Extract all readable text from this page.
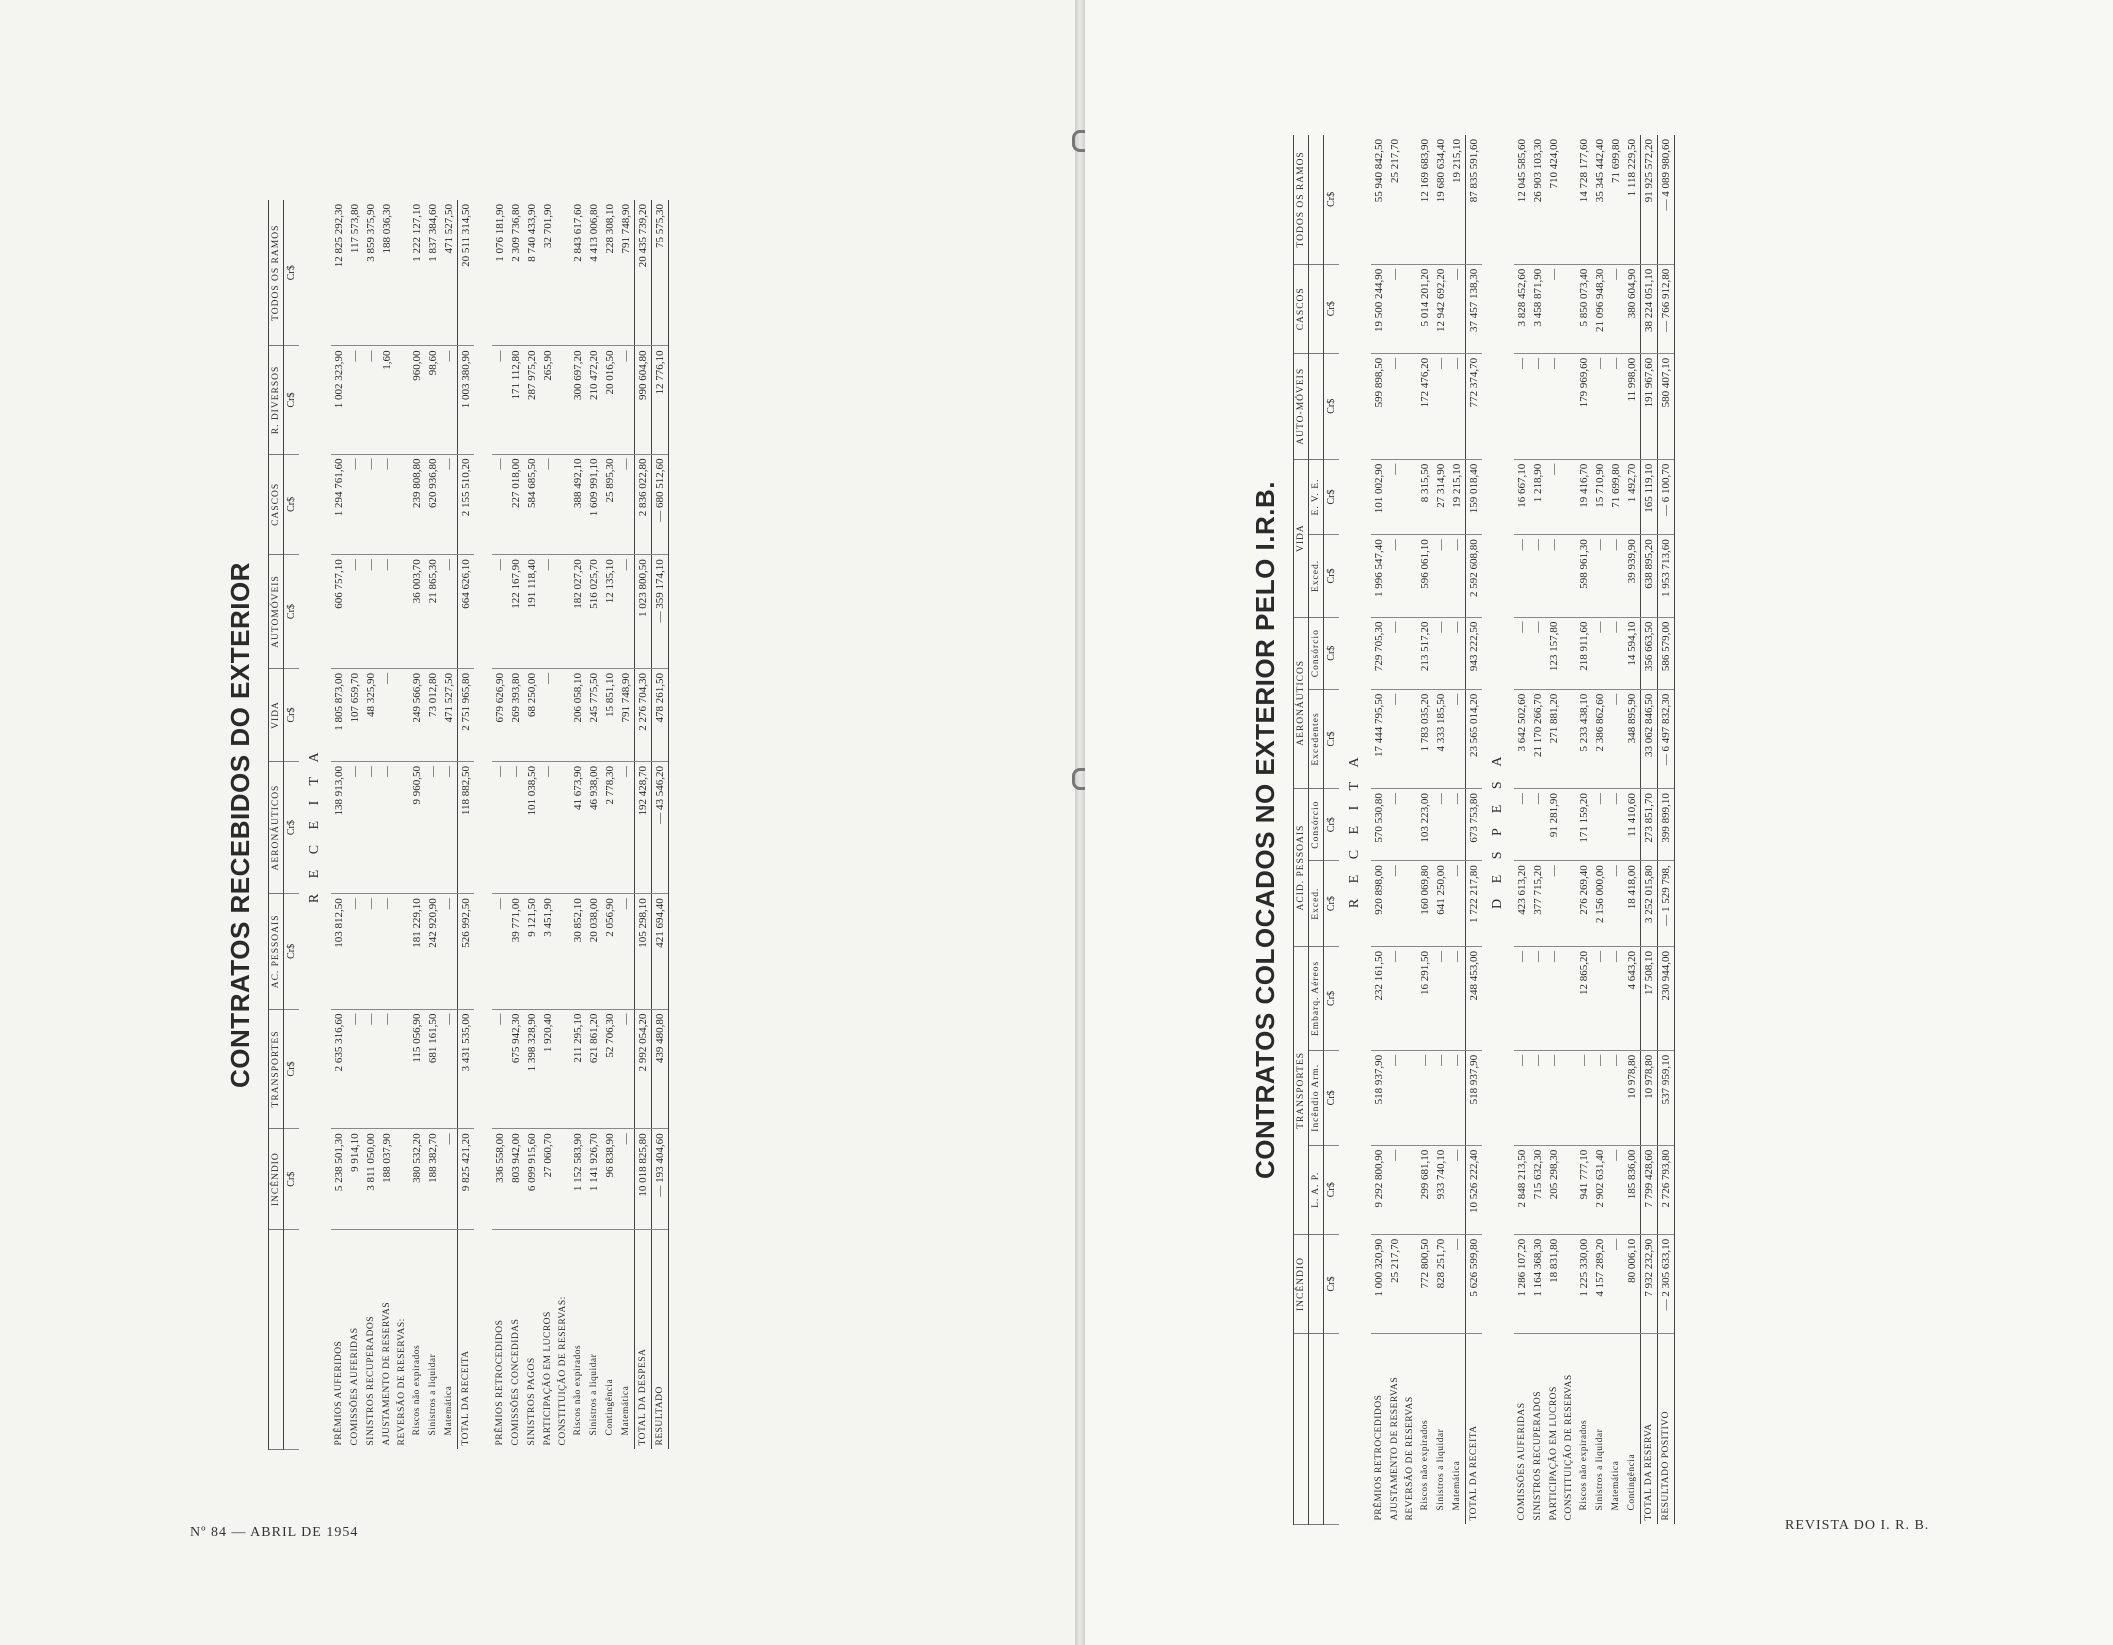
CONTRATOS RECEBIDOS DO EXTERIOR
	INCÊNDIO	TRANSPORTES	AC. PESSOAIS	AERONÁUTICOS	VIDA	AUTOMÓVEIS	CASCOS	R. DIVERSOS	TODOS OS RAMOS
	Cr$	Cr$	Cr$	Cr$	Cr$	Cr$	Cr$	Cr$	Cr$
R E C E I T A									
PRÊMIOS AUFERIDOS	5 238 501,30	2 635 316,60	103 812,50	138 913,00	1 805 873,00	606 757,10	1 294 761,60	1 002 323,90	12 825 292,30
COMISSÕES AUFERIDAS	9 914,10	—	—	—	107 659,70	—	—	—	117 573,80
SINISTROS RECUPERADOS	3 811 050,00	—	—	—	48 325,90	—	—	—	3 859 375,90
AJUSTAMENTO DE RESERVAS	188 037,90	—	—	—	—	—	—	1,60	188 036,30
REVERSÃO DE RESERVAS:									
Riscos não expirados	380 532,20	115 056,90	181 229,10	9 960,50	249 566,90	36 003,70	239 808,80	960,00	1 222 127,10
Sinistros a liquidar	188 382,70	681 161,50	242 920,90	—	73 012,80	21 865,30	620 936,80	98,60	1 837 384,60
Matemática	—	—	—	—	471 527,50	—	—	—	471 527,50
TOTAL DA RECEITA	9 825 421,20	3 431 535,00	526 992,50	118 882,50	2 751 965,80	664 626,10	2 155 510,20	1 003 380,90	20 511 314,50

PRÊMIOS RETROCEDIDOS	336 558,00	—	—	—	679 626,90	—	—	—	1 076 181,90
COMISSÕES CONCEDIDAS	803 942,00	675 942,30	39 771,00	—	269 393,80	122 167,90	227 018,00	171 112,80	2 309 736,80
SINISTROS PAGOS	6 099 915,60	1 398 328,90	9 121,50	101 038,50	68 250,00	191 118,40	584 685,50	287 975,20	8 740 433,90
PARTICIPAÇÃO EM LUCROS	27 060,70	1 920,40	3 451,90	—	—	—	—	265,90	32 701,90
CONSTITUIÇÃO DE RESERVAS:									
Riscos não expirados	1 152 583,90	211 295,10	30 852,10	41 673,90	206 058,10	182 027,20	388 492,10	300 697,20	2 843 617,60
Sinistros a liquidar	1 141 926,70	621 861,20	20 038,00	46 938,00	245 775,50	516 025,70	1 609 991,10	210 472,20	4 413 006,80
Contingência	96 838,90	52 706,30	2 056,90	2 778,30	15 851,10	12 135,10	25 895,30	20 016,50	228 308,10
Matemática	—	—	—	—	791 748,90	—	—	—	791 748,90
TOTAL DA DESPESA	10 018 825,80	2 992 054,20	105 298,10	192 428,70	2 276 704,30	1 023 800,50	2 836 022,80	990 604,80	20 435 739,20
RESULTADO	— 193 404,60	439 480,80	421 694,40	— 43 546,20	478 261,50	— 359 174,10	— 680 512,60	12 776,10	75 575,30
Nº 84 — ABRIL DE 1954
CONTRATOS COLOCADOS NO EXTERIOR PELO I.R.B.
	INCÊNDIO	TRANSPORTES			ACID. PESSOAIS		AERONÁUTICOS		VIDA		AUTO-MÓVEIS	CASCOS	TODOS OS RAMOS
		L. A. P.	Incêndio Arm.	Embarq. Aéreos	Exced.	Consórcio	Excedentes	Consórcio	Exced.	E. V. E.			
	Cr$	Cr$	Cr$	Cr$	Cr$	Cr$	Cr$	Cr$	Cr$	Cr$	Cr$	Cr$	Cr$
R E C E I T A													
PRÊMIOS RETROCEDIDOS	1 000 320,90	9 292 800,90	518 937,90	232 161,50	920 898,00	570 530,80	17 444 795,50	729 705,30	1 996 547,40	101 002,90	599 898,50	19 500 244,90	55 940 842,50
AJUSTAMENTO DE RESERVAS	25 217,70	—	—	—	—	—	—	—	—	—	—	—	25 217,70
REVERSÃO DE RESERVAS													
Riscos não expirados	772 800,50	299 681,10	—	16 291,50	160 069,80	103 223,00	1 783 035,20	213 517,20	596 061,10	8 315,50	172 476,20	5 014 201,20	12 169 683,90
Sinistros a liquidar	828 251,70	933 740,10	—	—	641 250,00	—	4 333 185,50	—	—	27 314,90	—	12 942 692,20	19 680 634,40
Matemática	—	—	—	—	—	—	—	—	—	19 215,10	—	—	19 215,10
TOTAL DA RECEITA	5 626 599,80	10 526 222,40	518 937,90	248 453,00	1 722 217,80	673 753,80	23 565 014,20	943 222,50	2 592 608,80	159 018,40	772 374,70	37 457 138,30	87 835 591,60
D E S P E S A													
COMISSÕES AUFERIDAS	1 286 107,20	2 848 213,50	—	—	423 613,20	—	3 642 502,60	—	—	16 667,10	—	3 828 452,60	12 045 585,60
SINISTROS RECUPERADOS	1 164 368,30	715 632,30	—	—	377 715,20	—	21 170 266,70	—	—	1 218,90	—	3 458 871,90	26 903 103,30
PARTICIPAÇÃO EM LUCROS	18 831,80	205 298,30	—	—	—	91 281,90	271 881,20	123 157,80	—	—	—	—	710 424,00
CONSTITUIÇÃO DE RESERVAS													
Riscos não expirados	1 225 330,00	941 777,10	—	12 865,20	276 269,40	171 159,20	5 233 438,10	218 911,60	598 961,30	19 416,70	179 969,60	5 850 073,40	14 728 177,60
Sinistros a liquidar	4 157 289,20	2 902 631,40	—	—	2 156 000,00	—	2 386 862,60	—	—	15 710,90	—	21 096 948,30	35 345 442,40
Matemática	—	—	—	—	—	—	—	—	—	71 699,80	—	—	71 699,80
Contingência	80 006,10	185 836,00	10 978,80	4 643,20	18 418,00	11 410,60	348 895,90	14 594,10	39 939,90	1 492,70	11 998,00	380 604,90	1 118 229,50
TOTAL DA RESERVA	7 932 232,90	7 799 428,60	10 978,80	17 508,10	3 252 015,80	273 851,70	33 062 846,50	356 663,50	638 895,20	165 119,10	191 967,60	38 224 051,10	91 925 572,20
RESULTADO POSITIVO	— 2 305 633,10	2 726 793,80	537 959,10	230 944,00	— 1 529 798,	399 899,10	— 6 497 832,30	586 579,00	1 953 713,60	— 6 100,70	580 407,10	— 766 912,80	— 4 089 980,60
REVISTA DO I. R. B.
